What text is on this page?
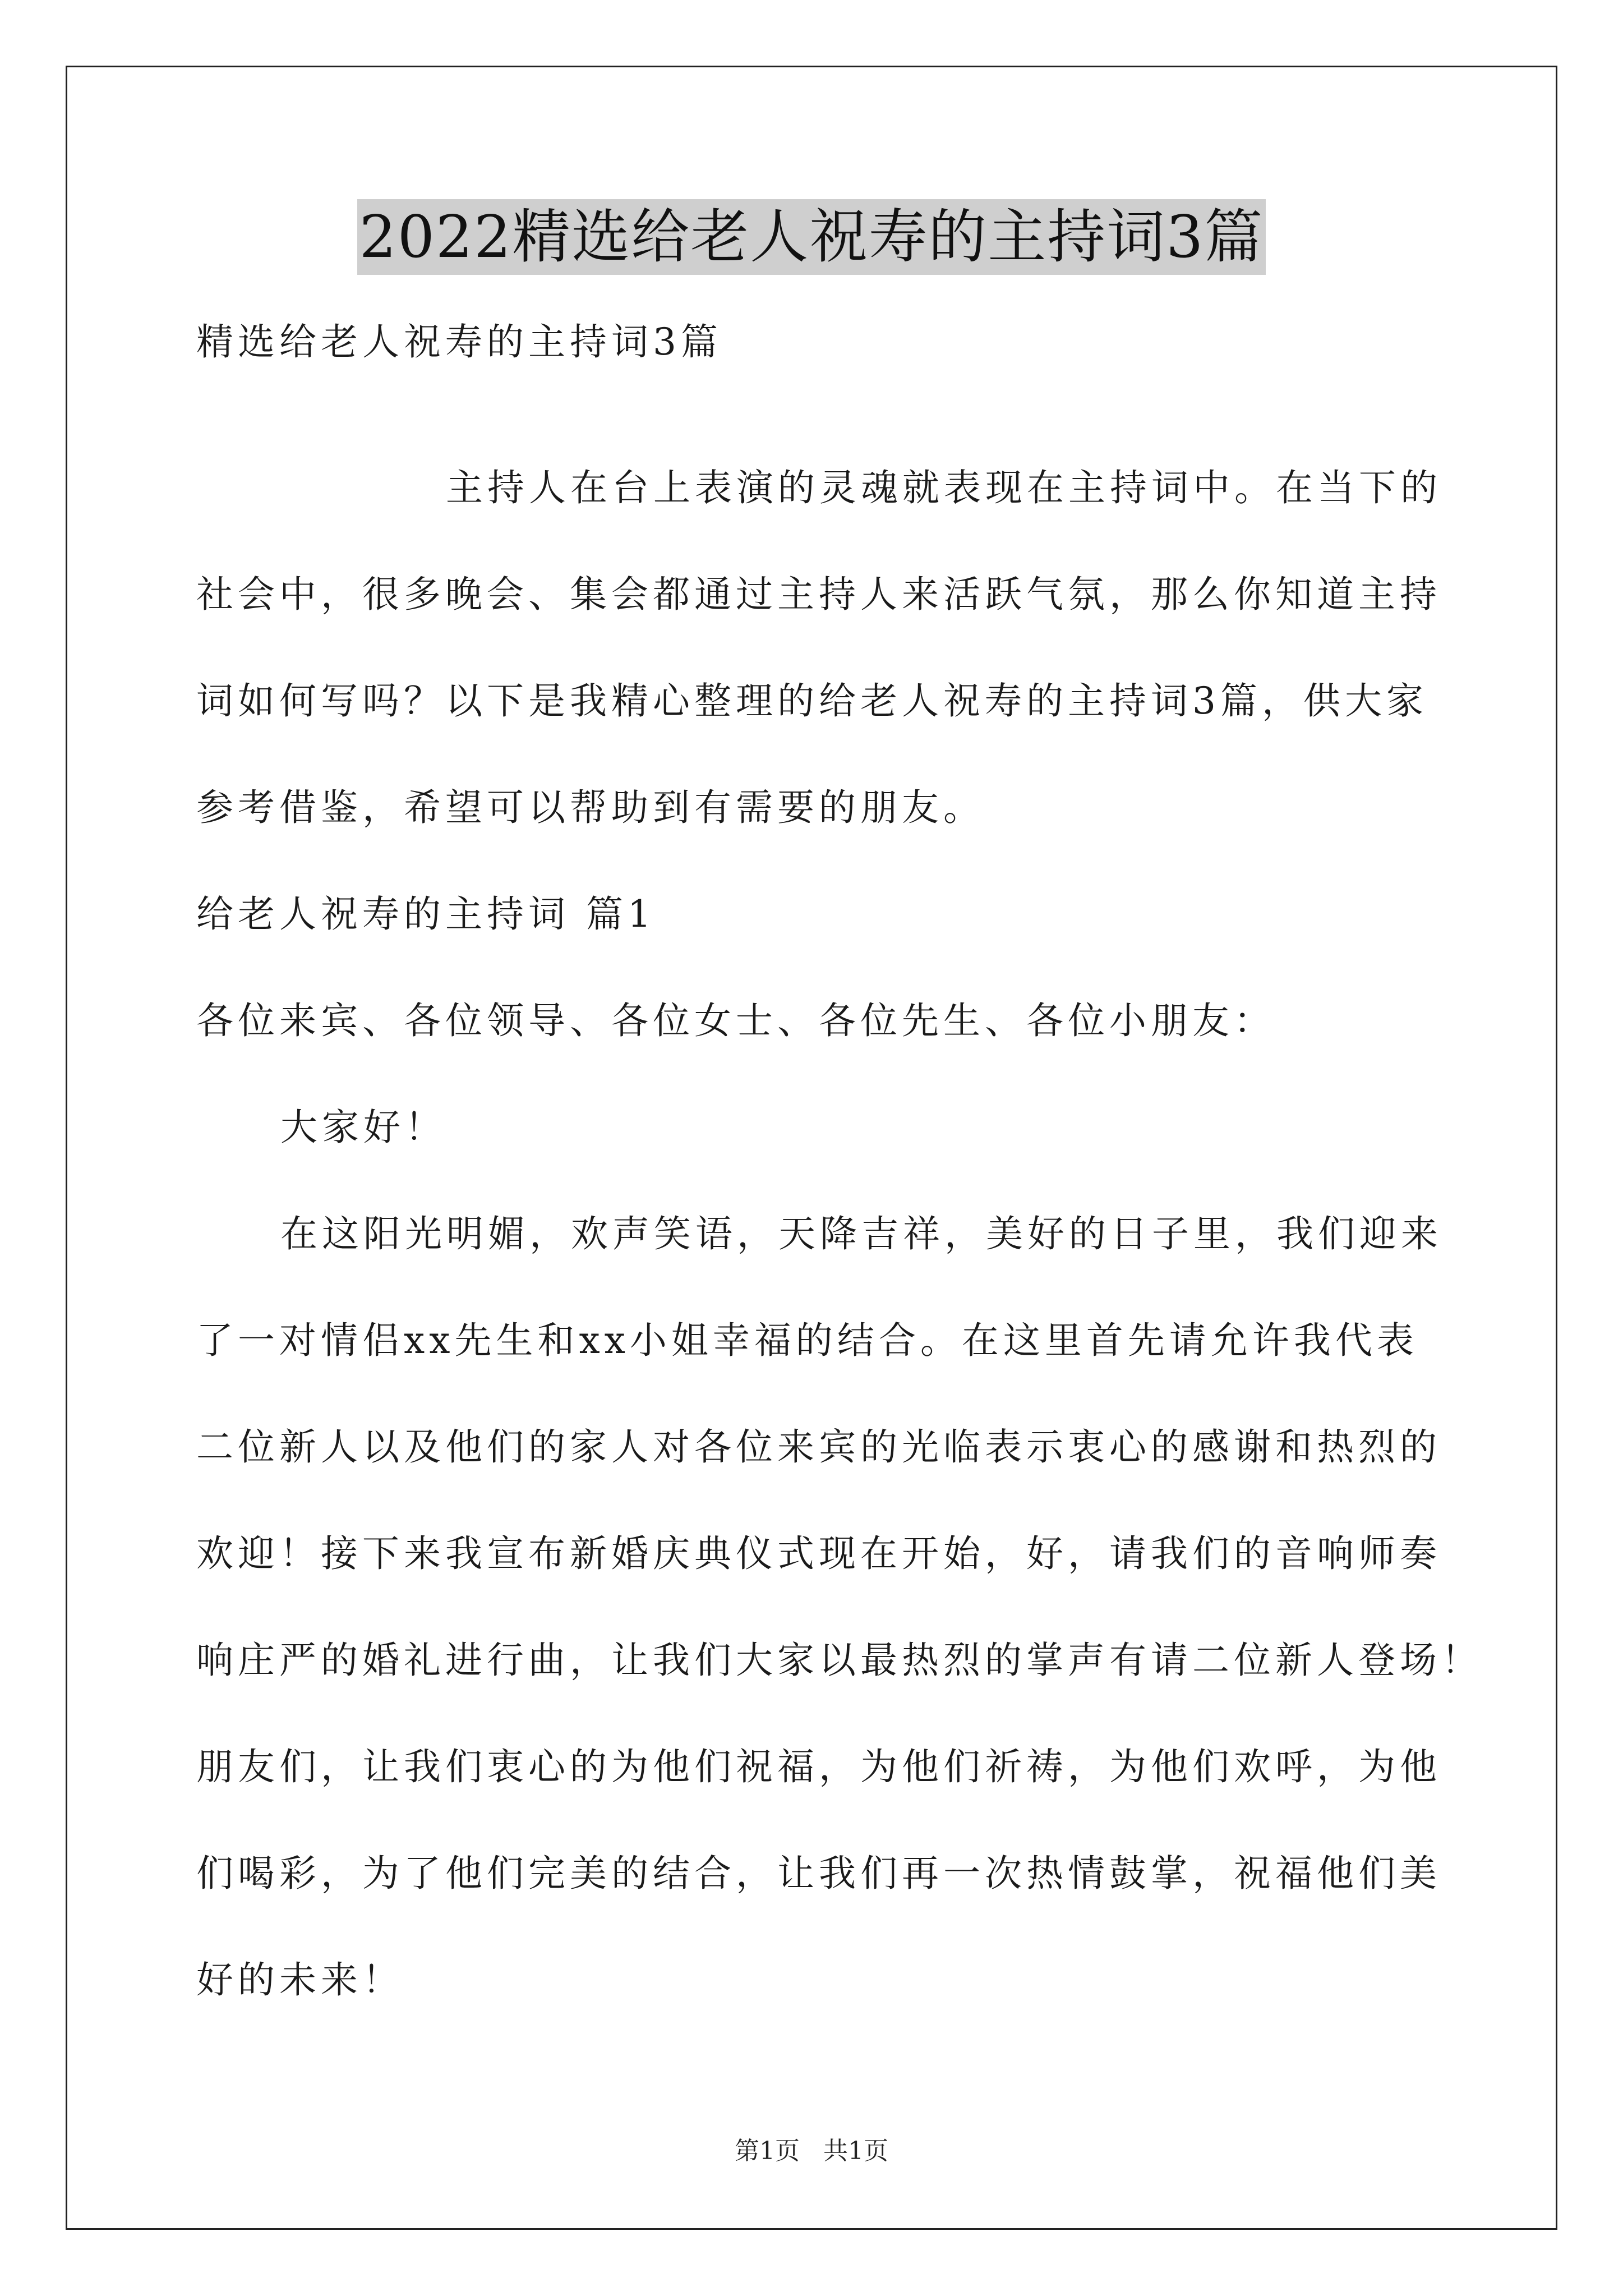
2022精选给老人祝寿的主持词3篇
精选给老人祝寿的主持词3篇
主持人在台上表演的灵魂就表现在主持词中。在当下的
社会中，很多晚会、集会都通过主持人来活跃气氛，那么你知道主持
词如何写吗？以下是我精心整理的给老人祝寿的主持词3篇，供大家
参考借鉴，希望可以帮助到有需要的朋友。
给老人祝寿的主持词 篇1
各位来宾、各位领导、各位女士、各位先生、各位小朋友：
大家好！
在这阳光明媚，欢声笑语，天降吉祥，美好的日子里，我们迎来
了一对情侣xx先生和xx小姐幸福的结合。在这里首先请允许我代表
二位新人以及他们的家人对各位来宾的光临表示衷心的感谢和热烈的
欢迎！接下来我宣布新婚庆典仪式现在开始，好，请我们的音响师奏
响庄严的婚礼进行曲，让我们大家以最热烈的掌声有请二位新人登场！
朋友们，让我们衷心的为他们祝福，为他们祈祷，为他们欢呼，为他
们喝彩，为了他们完美的结合，让我们再一次热情鼓掌，祝福他们美
好的未来！
第1页 共1页
